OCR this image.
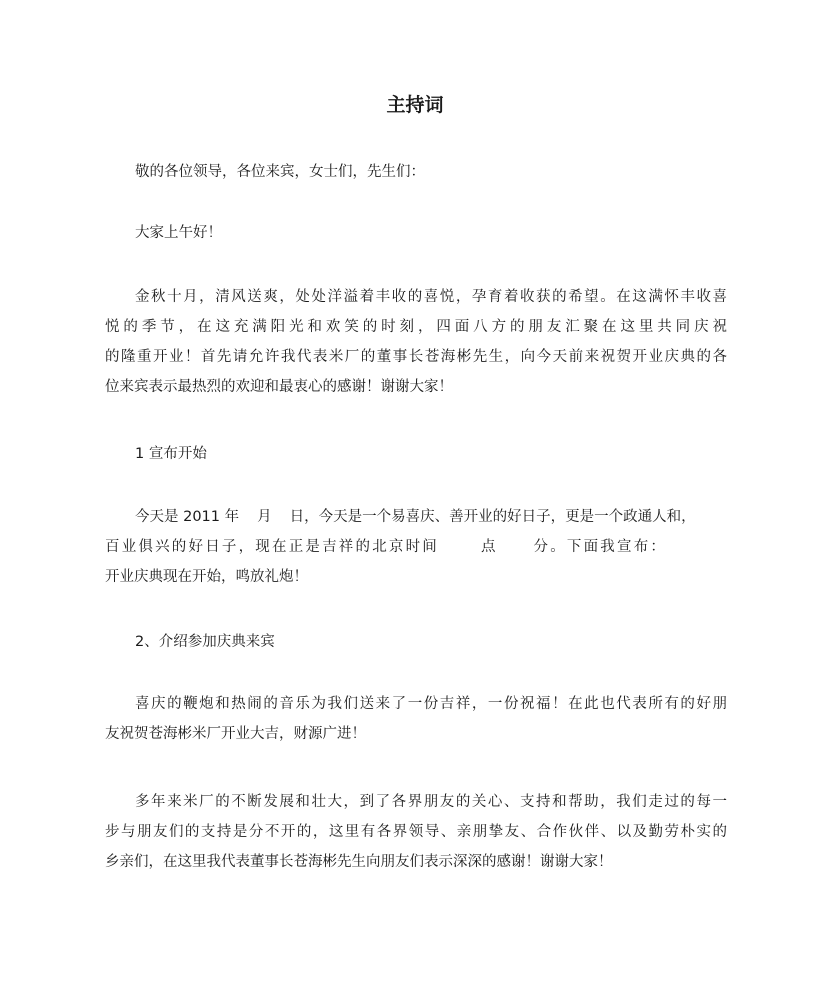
主持词

敬的各位领导，各位来宾，女士们，先生们：

大家上午好！

金秋十月，清风送爽，处处洋溢着丰收的喜悦，孕育着收获的希望。在这满怀丰收喜
悦的季节，在这充满阳光和欢笑的时刻，四面八方的朋友汇聚在这里共同庆祝
的隆重开业！首先请允许我代表米厂的董事长苍海彬先生，向今天前来祝贺开业庆典的各
位来宾表示最热烈的欢迎和最衷心的感谢！谢谢大家！

1 宣布开始

今天是 2011 年 月 日，今天是一个易喜庆、善开业的好日子，更是一个政通人和，
百业俱兴的好日子，现在正是吉祥的北京时间	点	分。下面我宣布：
开业庆典现在开始，鸣放礼炮！

2、介绍参加庆典来宾

喜庆的鞭炮和热闹的音乐为我们送来了一份吉祥，一份祝福！在此也代表所有的好朋
友祝贺苍海彬米厂开业大吉，财源广进！

多年来米厂的不断发展和壮大，到了各界朋友的关心、支持和帮助，我们走过的每一
步与朋友们的支持是分不开的，这里有各界领导、亲朋挚友、合作伙伴、以及勤劳朴实的
乡亲们，在这里我代表董事长苍海彬先生向朋友们表示深深的感谢！谢谢大家！
